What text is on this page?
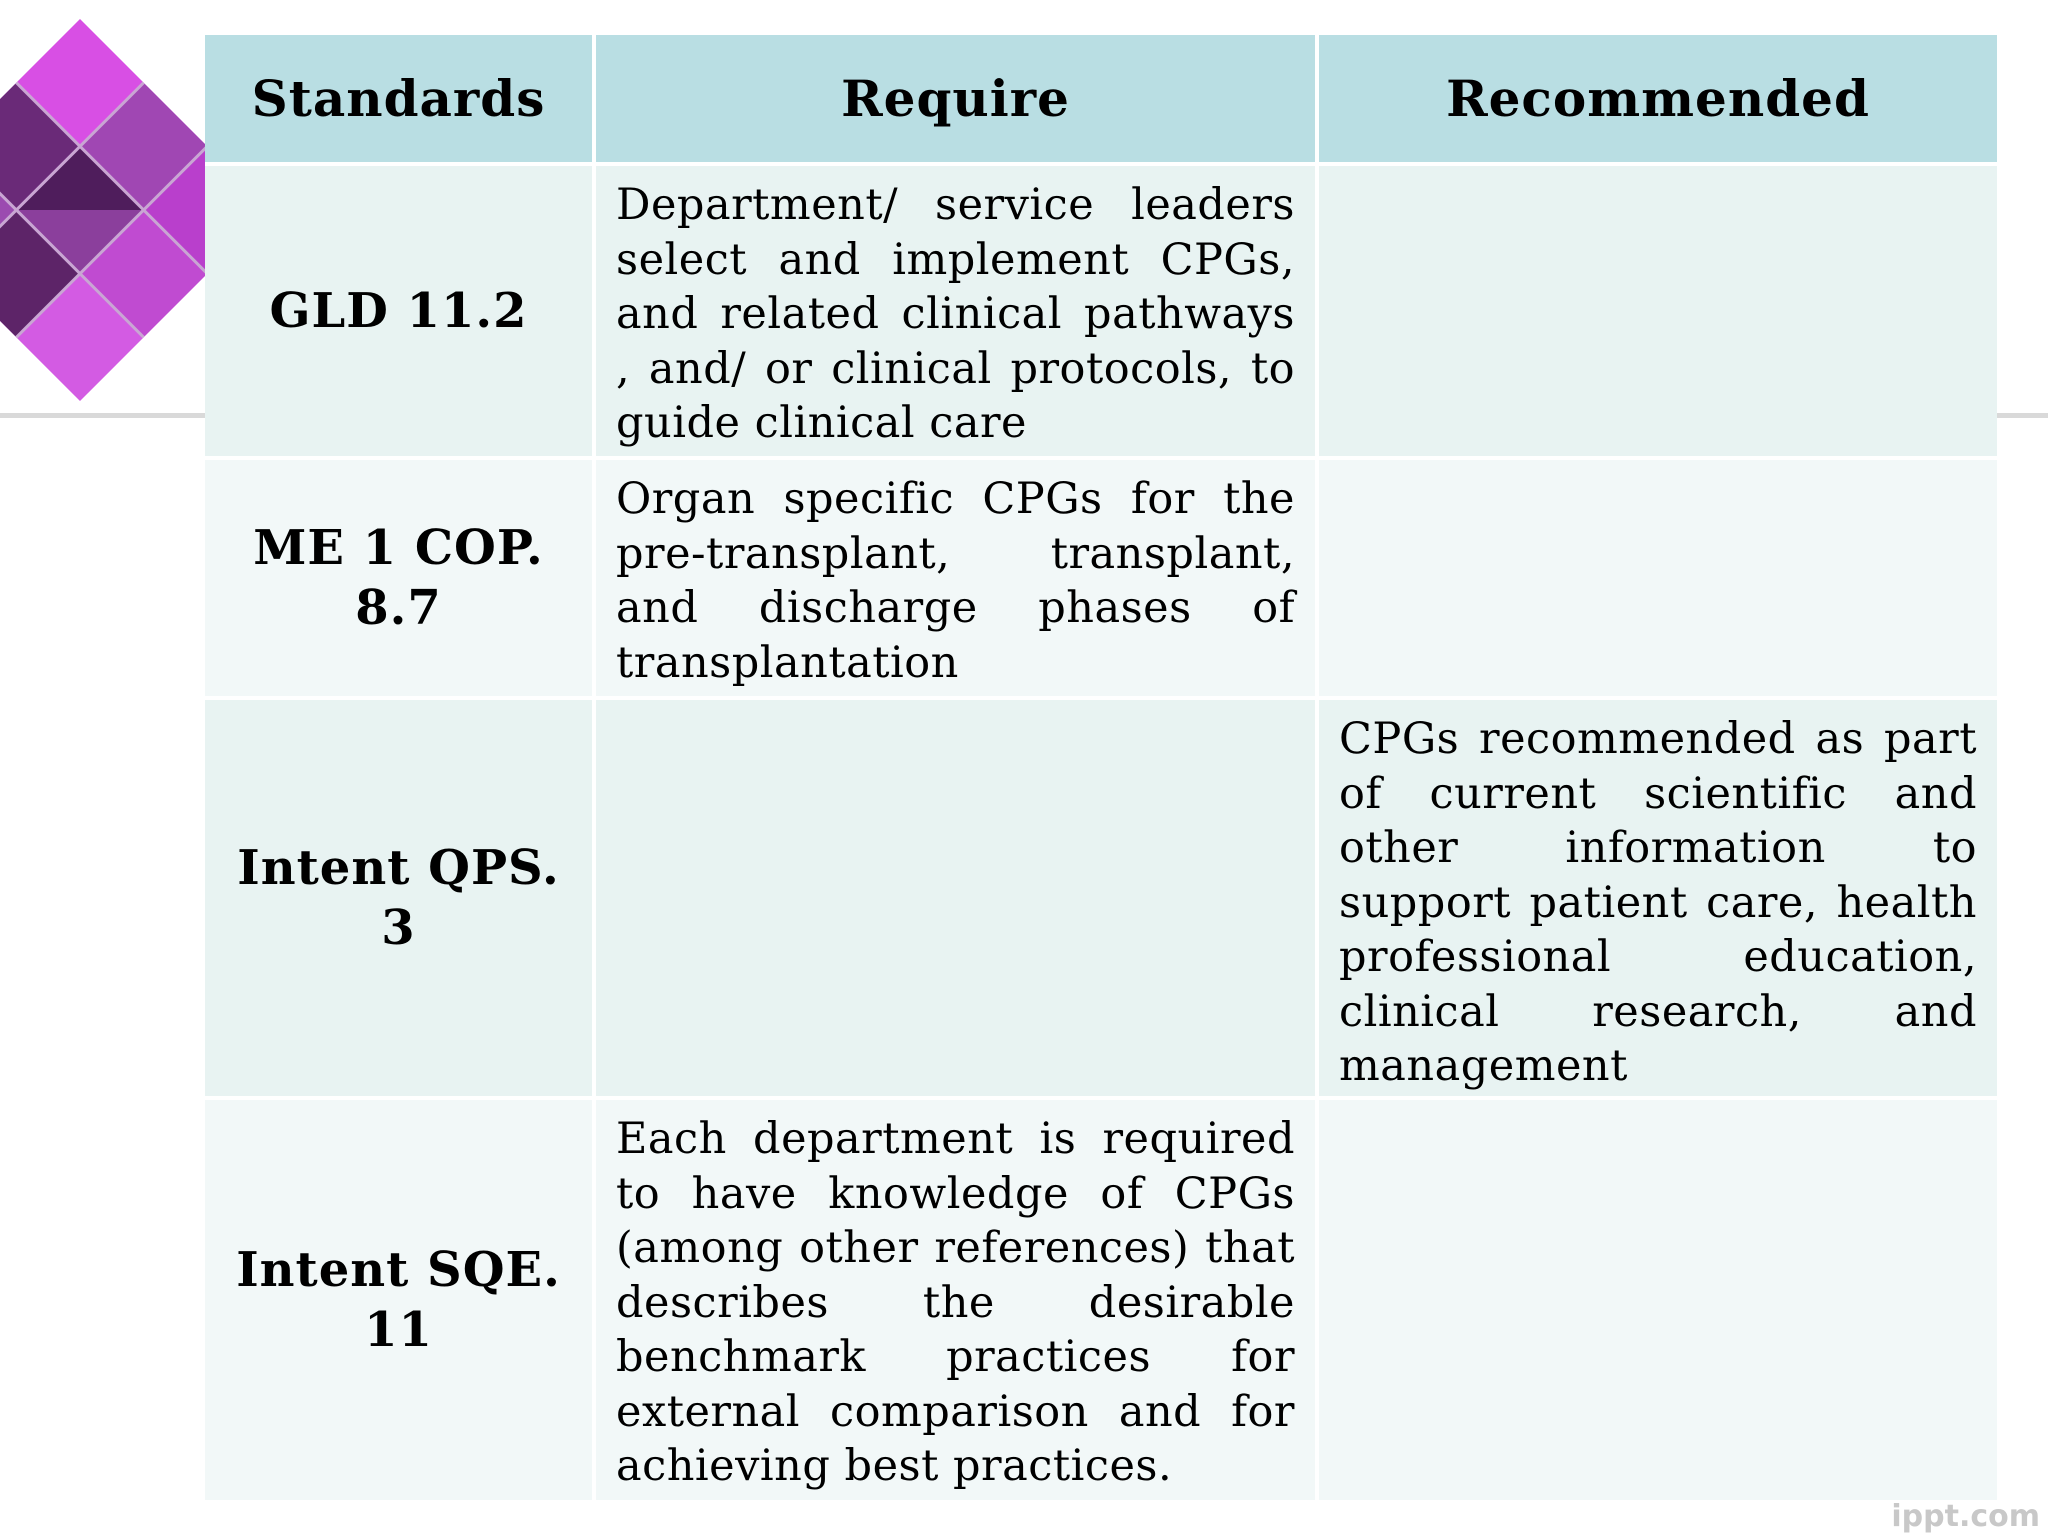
Standards	Require	Recommended
GLD 11.2
Department/ service leaders select and implement CPGs, and related clinical pathways , and/ or clinical protocols, to guide clinical care
ME 1 COP. 8.7
Organ specific CPGs for the pre-transplant, transplant, and discharge phases of transplantation
Intent QPS. 3
CPGs recommended as part of current scientific and other information to support patient care, health professional education, clinical research, and management
Intent SQE. 11
Each department is required to have knowledge of CPGs (among other references) that describes the desirable benchmark practices for external comparison and for achieving best practices.
ippt.com
